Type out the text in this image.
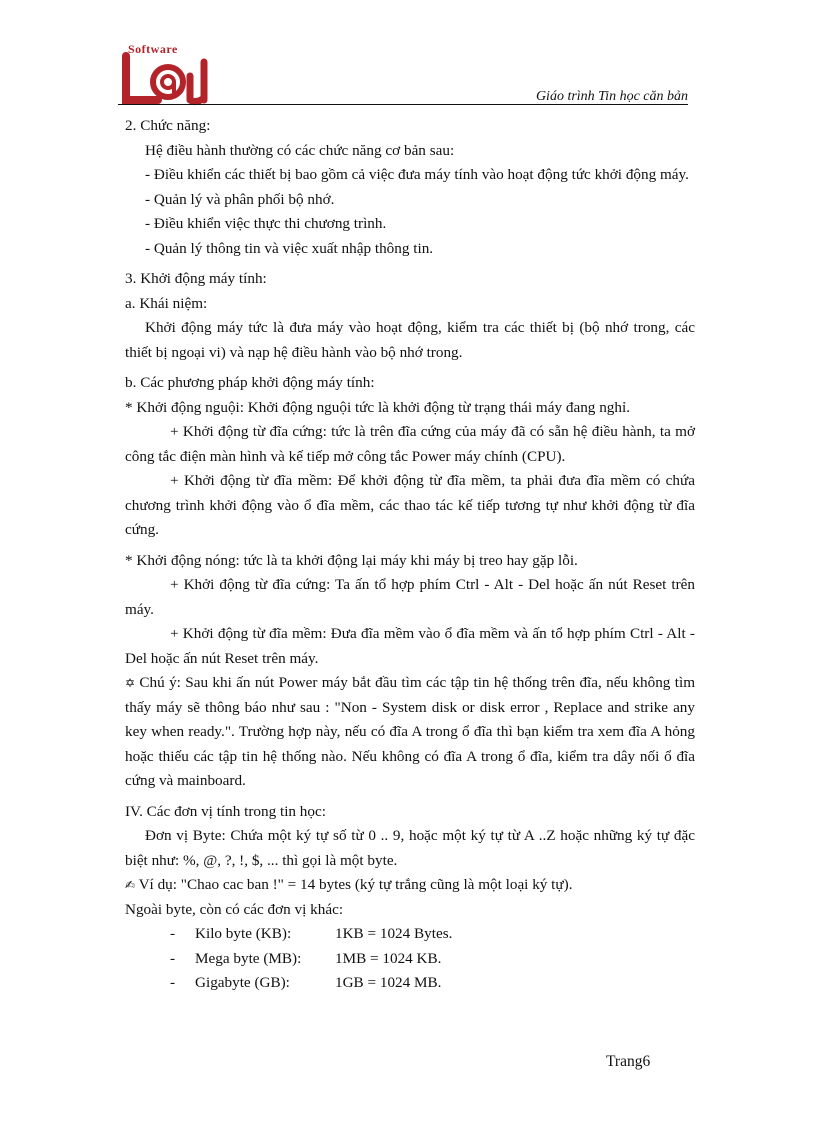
Software
Giáo trình Tin học căn bản

2. Chức năng:

Hệ điều hành thường có các chức năng cơ bản sau:

- Điều khiển các thiết bị bao gồm cả việc đưa máy tính vào hoạt động tức khởi động máy.

- Quản lý và phân phối bộ nhớ.

- Điều khiển việc thực thi chương trình.

- Quản lý thông tin và việc xuất nhập thông tin.

3. Khởi động máy tính:

a. Khái niệm:

Khởi động máy tức là đưa máy vào hoạt động, kiểm tra các thiết bị (bộ nhớ trong, các thiết bị ngoại vi) và nạp hệ điều hành vào bộ nhớ trong.

b. Các phương pháp khởi động máy tính:

* Khởi động nguội: Khởi động nguội tức là khởi động từ trạng thái máy đang nghỉ.

+ Khởi động từ đĩa cứng: tức là trên đĩa cứng của máy đã có sẵn hệ điều hành, ta mở công tắc điện màn hình và kế tiếp mở công tắc Power máy chính (CPU).

+ Khởi động từ đĩa mềm: Để khởi động từ đĩa mềm, ta phải đưa đĩa mềm có chứa chương trình khởi động vào ổ đĩa mềm, các thao tác kế tiếp tương tự như khởi động từ đĩa cứng.

* Khởi động nóng: tức là ta khởi động lại máy khi máy bị treo hay gặp lỗi.

+ Khởi động từ đĩa cứng: Ta ấn tổ hợp phím Ctrl - Alt - Del hoặc ấn nút Reset trên máy.

+ Khởi động từ đĩa mềm: Đưa đĩa mềm vào ổ đĩa mềm và ấn tổ hợp phím Ctrl - Alt - Del hoặc ấn nút Reset trên máy.

✡ Chú ý: Sau khi ấn nút Power máy bắt đầu tìm các tập tin hệ thống trên đĩa, nếu không tìm thấy máy sẽ thông báo như sau : "Non - System disk or disk error , Replace and strike any key when ready.". Trường hợp này, nếu có đĩa A trong ổ đĩa thì bạn kiểm tra xem đĩa A hỏng hoặc thiếu các tập tin hệ thống nào. Nếu không có đĩa A trong ổ đĩa, kiểm tra dây nối ổ đĩa cứng và mainboard.

IV. Các đơn vị tính trong tin học:

Đơn vị Byte: Chứa một ký tự số từ 0 .. 9, hoặc một ký tự từ A ..Z hoặc những ký tự đặc biệt như: %, @, ?, !, $, ... thì gọi là một byte.

✍ Ví dụ: "Chao cac ban !" = 14 bytes (ký tự trắng cũng là một loại ký tự).

Ngoài byte, còn có các đơn vị khác:

-	Kilo byte (KB):	1KB = 1024 Bytes.
-	Mega byte (MB):	1MB = 1024 KB.
-	Gigabyte (GB):	1GB = 1024 MB.
Trang6
